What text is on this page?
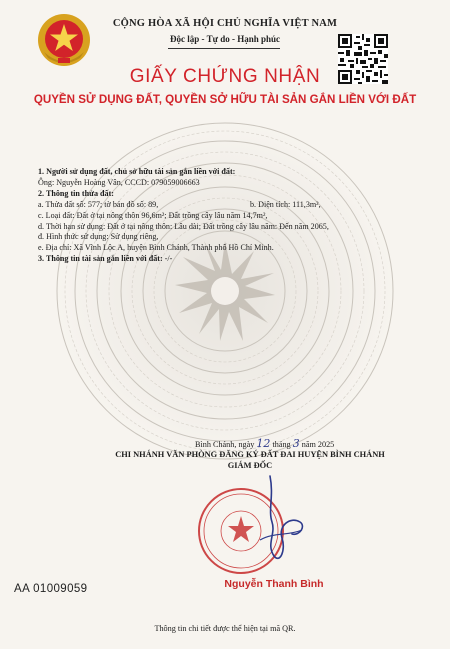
CỘNG HÒA XÃ HỘI CHỦ NGHĨA VIỆT NAM
Độc lập - Tự do - Hạnh phúc
GIẤY CHỨNG NHẬN
QUYỀN SỬ DỤNG ĐẤT, QUYỀN SỞ HỮU TÀI SẢN GẮN LIỀN VỚI ĐẤT
1. Người sử dụng đất, chủ sở hữu tài sản gắn liền với đất:
Ông: Nguyễn Hoàng Vân, CCCD: 079059006663
2. Thông tin thửa đất:
a. Thửa đất số: 577; tờ bản đồ số: 89,	b. Diện tích: 111,3m²,
c. Loại đất: Đất ở tại nông thôn 96,6m²; Đất trồng cây lâu năm 14,7m²,
d. Thời hạn sử dụng: Đất ở tại nông thôn: Lâu dài; Đất trồng cây lâu năm: Đến năm 2065,
đ. Hình thức sử dụng: Sử dụng riêng,
e. Địa chỉ: Xã Vĩnh Lộc A, huyện Bình Chánh, Thành phố Hồ Chí Minh.
3. Thông tin tài sản gắn liền với đất: -/-
Bình Chánh, ngày 12 tháng 3 năm 2025
CHI NHÁNH VĂN PHÒNG ĐĂNG KÝ ĐẤT ĐAI HUYỆN BÌNH CHÁNH
GIÁM ĐỐC
Nguyễn Thanh Bình
AA 01009059
Thông tin chi tiết được thể hiện tại mã QR.
